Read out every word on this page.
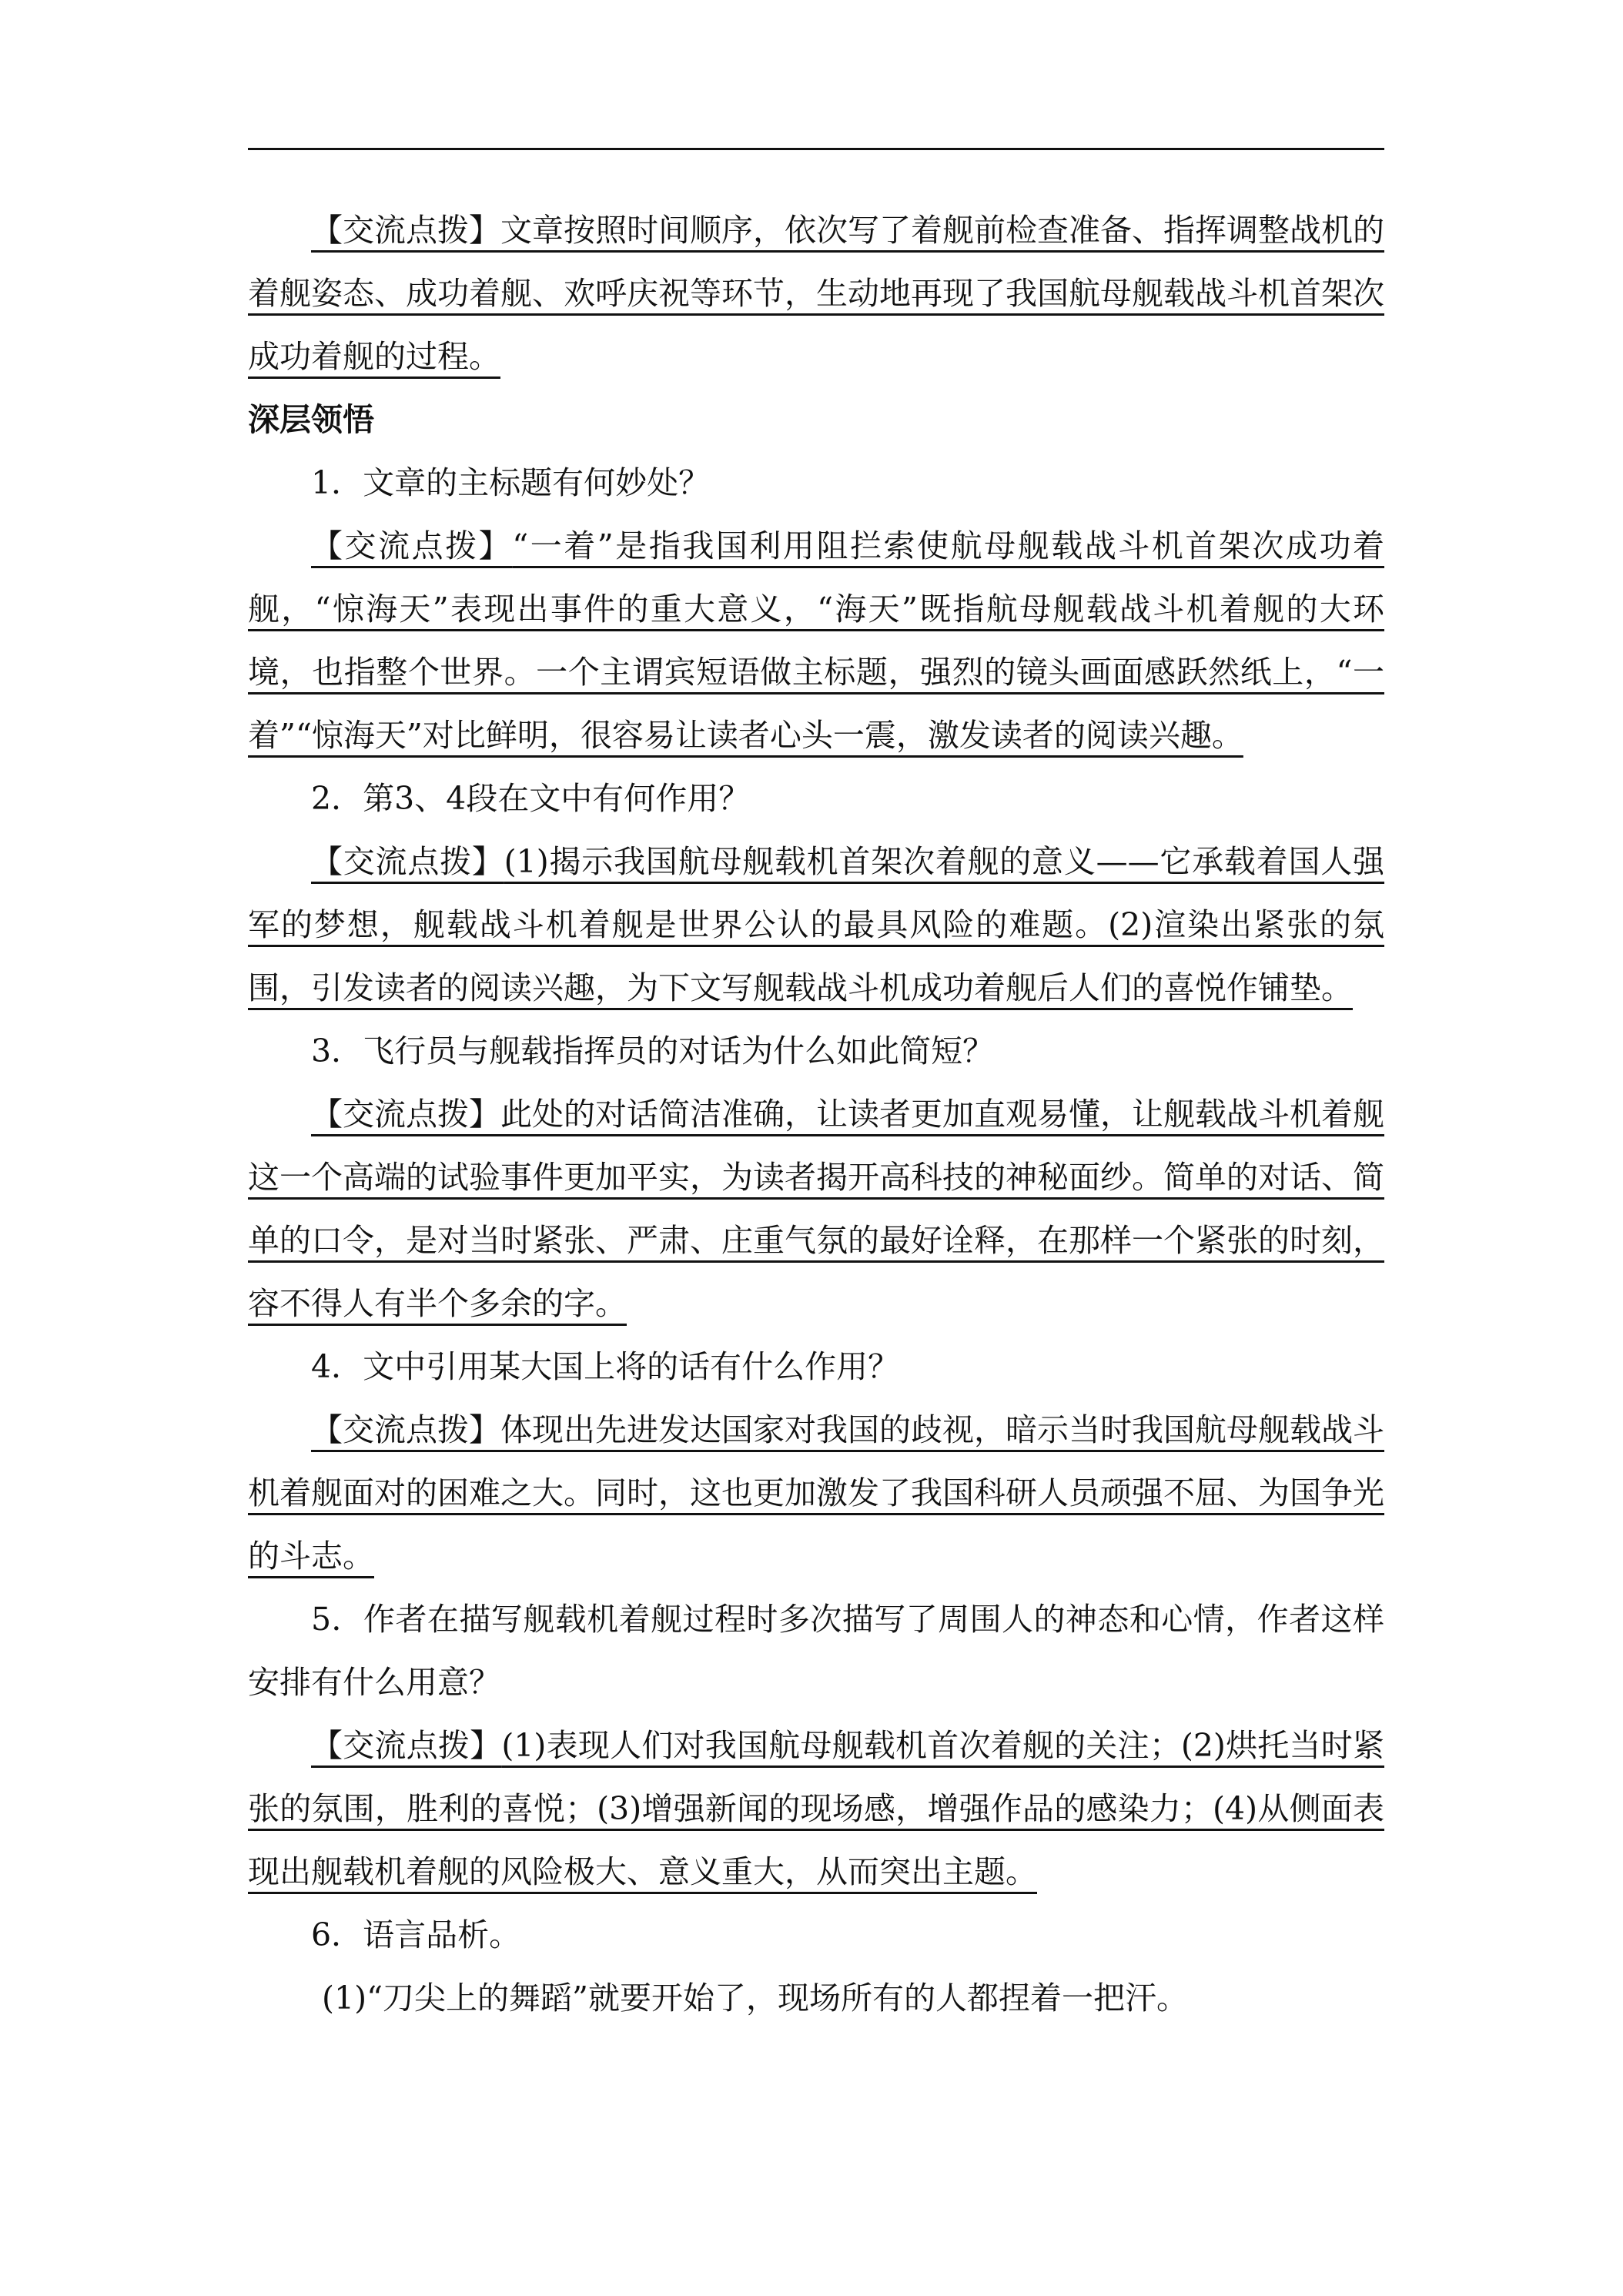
【交流点拨】文章按照时间顺序，依次写了着舰前检查准备、指挥调整战机的着舰姿态、成功着舰、欢呼庆祝等环节，生动地再现了我国航母舰载战斗机首架次成功着舰的过程。

深层领悟

1．文章的主标题有何妙处？

【交流点拨】“一着”是指我国利用阻拦索使航母舰载战斗机首架次成功着舰，“惊海天”表现出事件的重大意义，“海天”既指航母舰载战斗机着舰的大环境，也指整个世界。一个主谓宾短语做主标题，强烈的镜头画面感跃然纸上，“一着”“惊海天”对比鲜明，很容易让读者心头一震，激发读者的阅读兴趣。

2．第3、4段在文中有何作用？

【交流点拨】(1)揭示我国航母舰载机首架次着舰的意义——它承载着国人强军的梦想，舰载战斗机着舰是世界公认的最具风险的难题。(2)渲染出紧张的氛围，引发读者的阅读兴趣，为下文写舰载战斗机成功着舰后人们的喜悦作铺垫。

3．飞行员与舰载指挥员的对话为什么如此简短？

【交流点拨】此处的对话简洁准确，让读者更加直观易懂，让舰载战斗机着舰这一个高端的试验事件更加平实，为读者揭开高科技的神秘面纱。简单的对话、简单的口令，是对当时紧张、严肃、庄重气氛的最好诠释，在那样一个紧张的时刻，容不得人有半个多余的字。

4．文中引用某大国上将的话有什么作用？

【交流点拨】体现出先进发达国家对我国的歧视，暗示当时我国航母舰载战斗机着舰面对的困难之大。同时，这也更加激发了我国科研人员顽强不屈、为国争光的斗志。

5．作者在描写舰载机着舰过程时多次描写了周围人的神态和心情，作者这样安排有什么用意？

【交流点拨】(1)表现人们对我国航母舰载机首次着舰的关注；(2)烘托当时紧张的氛围，胜利的喜悦；(3)增强新闻的现场感，增强作品的感染力；(4)从侧面表现出舰载机着舰的风险极大、意义重大，从而突出主题。

6．语言品析。

(1)“刀尖上的舞蹈”就要开始了，现场所有的人都捏着一把汗。
